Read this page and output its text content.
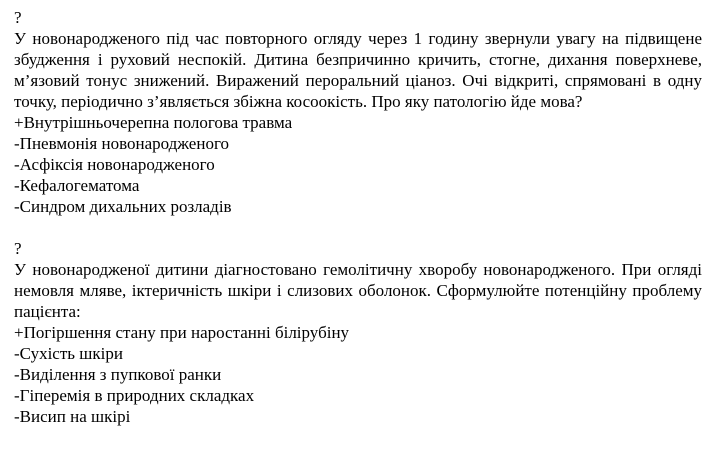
?

У новонародженого під час повторного огляду через 1 годину звернули увагу на підвищене збудження і руховий неспокій. Дитина безпричинно кричить, стогне, дихання поверхневе, м’язовий тонус знижений. Виражений пероральний ціаноз. Очі відкриті, спрямовані в одну точку, періодично з’являється збіжна косоокість. Про яку патологію йде мова?

+Внутрішньочерепна пологова травма
-Пневмонія новонародженого
-Асфіксія новонародженого
-Кефалогематома
-Синдром дихальних розладів
?

У новонародженої дитини діагностовано гемолітичну хворобу новонародженого. При огляді немовля мляве, іктеричність шкіри і слизових оболонок. Сформулюйте потенційну проблему пацієнта:

+Погіршення стану при наростанні білірубіну
-Сухість шкіри
-Виділення з пупкової ранки
-Гіперемія в природних складках
-Висип на шкірі
